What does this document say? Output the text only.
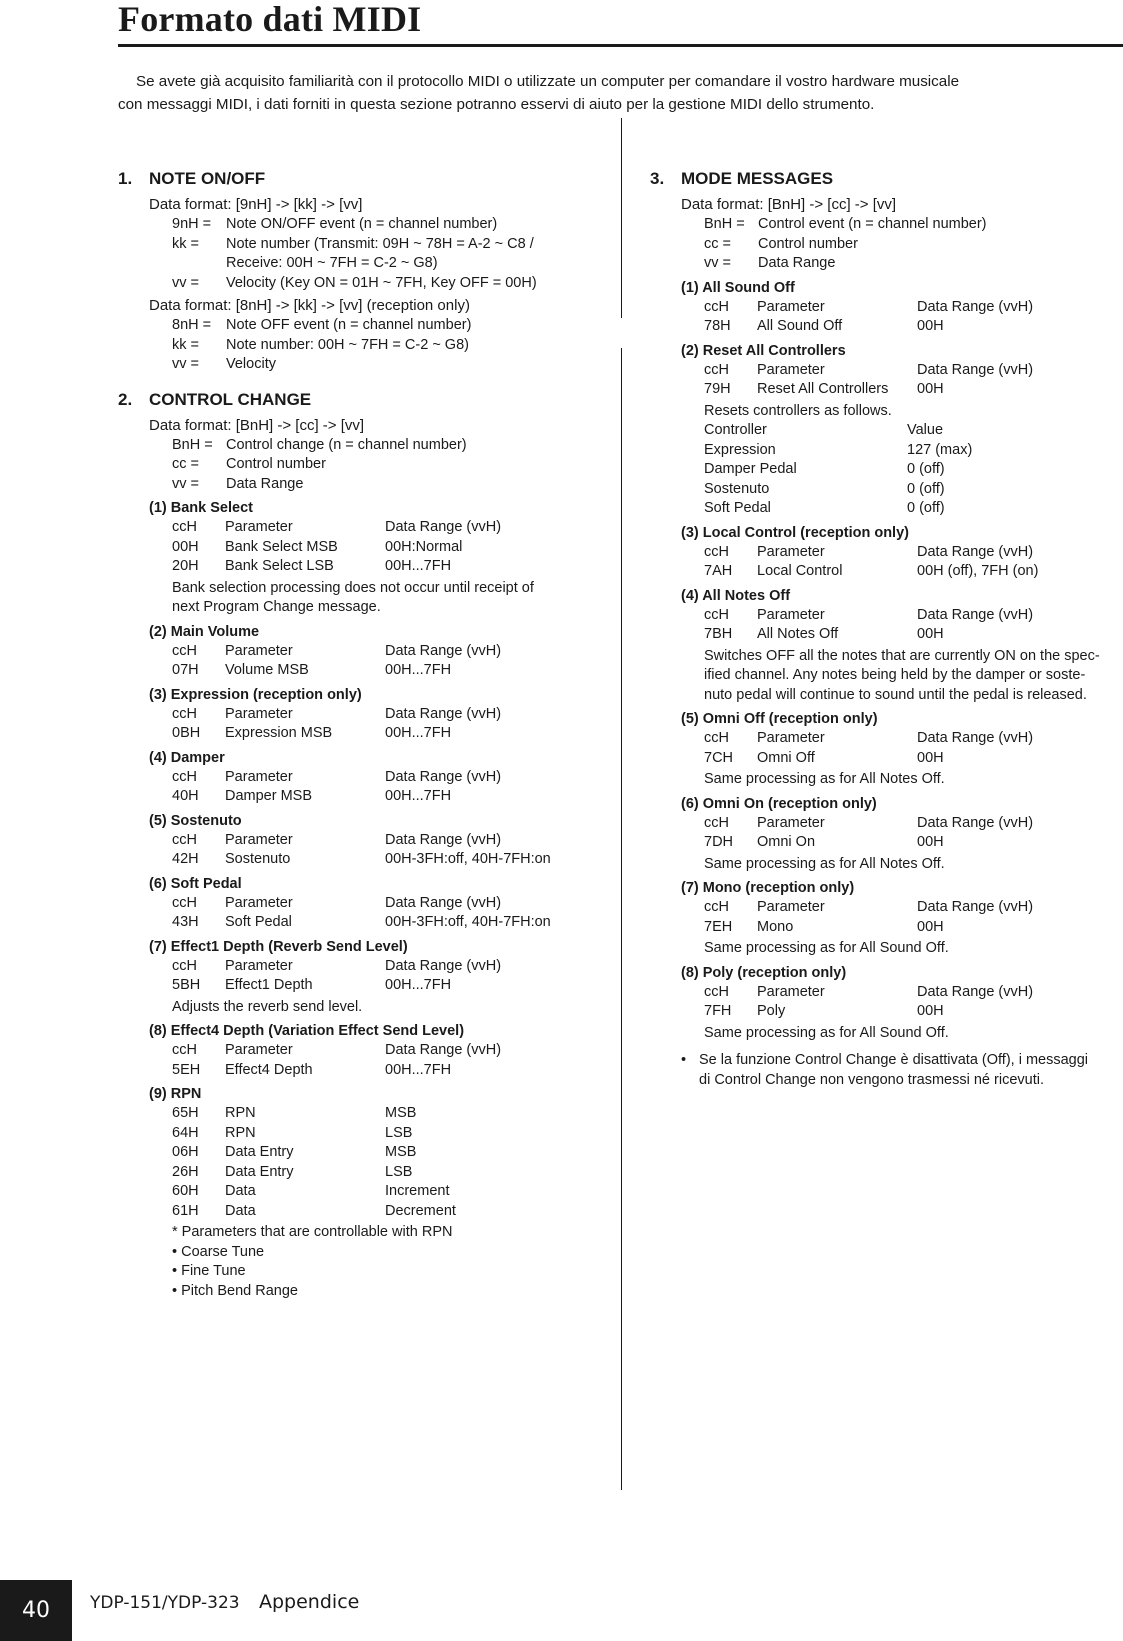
Formato dati MIDI
Se avete già acquisito familiarità con il protocollo MIDI o utilizzate un computer per comandare il vostro hardware musicale
con messaggi MIDI, i dati forniti in questa sezione potranno esservi di aiuto per la gestione MIDI dello strumento.
1. NOTE ON/OFF
Data format: [9nH] -> [kk] -> [vv]
9nH =	Note ON/OFF event (n = channel number)
kk =	Note number (Transmit: 09H ~ 78H = A-2 ~ C8 /
Receive: 00H ~ 7FH = C-2 ~ G8)
vv =	Velocity (Key ON = 01H ~ 7FH, Key OFF = 00H)
Data format: [8nH] -> [kk] -> [vv] (reception only)
8nH =	Note OFF event (n = channel number)
kk =	Note number: 00H ~ 7FH = C-2 ~ G8)
vv =	Velocity
2. CONTROL CHANGE
Data format: [BnH] -> [cc] -> [vv]
BnH = Control change (n = channel number)
cc =	Control number
vv =	Data Range
(1) Bank Select
ccH	Parameter	Data Range (vvH)
00H	Bank Select MSB	00H:Normal
20H	Bank Select LSB	00H...7FH
Bank selection processing does not occur until receipt of
next Program Change message.
(2) Main Volume
ccH	Parameter	Data Range (vvH)
07H	Volume MSB	00H...7FH
(3) Expression (reception only)
ccH	Parameter	Data Range (vvH)
0BH	Expression MSB	00H...7FH
(4) Damper
ccH	Parameter	Data Range (vvH)
40H	Damper MSB	00H...7FH
(5) Sostenuto
ccH	Parameter	Data Range (vvH)
42H	Sostenuto	00H-3FH:off, 40H-7FH:on
(6) Soft Pedal
ccH	Parameter	Data Range (vvH)
43H	Soft Pedal	00H-3FH:off, 40H-7FH:on
(7) Effect1 Depth (Reverb Send Level)
ccH	Parameter	Data Range (vvH)
5BH	Effect1 Depth	00H...7FH
Adjusts the reverb send level.
(8) Effect4 Depth (Variation Effect Send Level)
ccH	Parameter	Data Range (vvH)
5EH	Effect4 Depth	00H...7FH
(9) RPN
65H	RPN	MSB
64H	RPN	LSB
06H	Data Entry	MSB
26H	Data Entry	LSB
60H	Data	Increment
61H	Data	Decrement
* Parameters that are controllable with RPN
• Coarse Tune
• Fine Tune
• Pitch Bend Range
3. MODE MESSAGES
Data format: [BnH] -> [cc] -> [vv]
BnH = Control event (n = channel number)
cc =	Control number
vv =	Data Range
(1) All Sound Off
ccH	Parameter	Data Range (vvH)
78H	All Sound Off	00H
(2) Reset All Controllers
ccH	Parameter	Data Range (vvH)
79H	Reset All Controllers	00H
Resets controllers as follows.
Controller	Value
Expression	127 (max)
Damper Pedal	0 (off)
Sostenuto	0 (off)
Soft Pedal	0 (off)
(3) Local Control (reception only)
ccH	Parameter	Data Range (vvH)
7AH	Local Control	00H (off), 7FH (on)
(4) All Notes Off
ccH	Parameter	Data Range (vvH)
7BH	All Notes Off	00H
Switches OFF all the notes that are currently ON on the spec-
ified channel. Any notes being held by the damper or soste-
nuto pedal will continue to sound until the pedal is released.
(5) Omni Off (reception only)
ccH	Parameter	Data Range (vvH)
7CH	Omni Off	00H
Same processing as for All Notes Off.
(6) Omni On (reception only)
ccH	Parameter	Data Range (vvH)
7DH	Omni On	00H
Same processing as for All Notes Off.
(7) Mono (reception only)
ccH	Parameter	Data Range (vvH)
7EH	Mono	00H
Same processing as for All Sound Off.
(8) Poly (reception only)
ccH	Parameter	Data Range (vvH)
7FH	Poly	00H
Same processing as for All Sound Off.
• Se la funzione Control Change è disattivata (Off), i messaggi
di Control Change non vengono trasmessi né ricevuti.
40 YDP-151/YDP-323 Appendice
